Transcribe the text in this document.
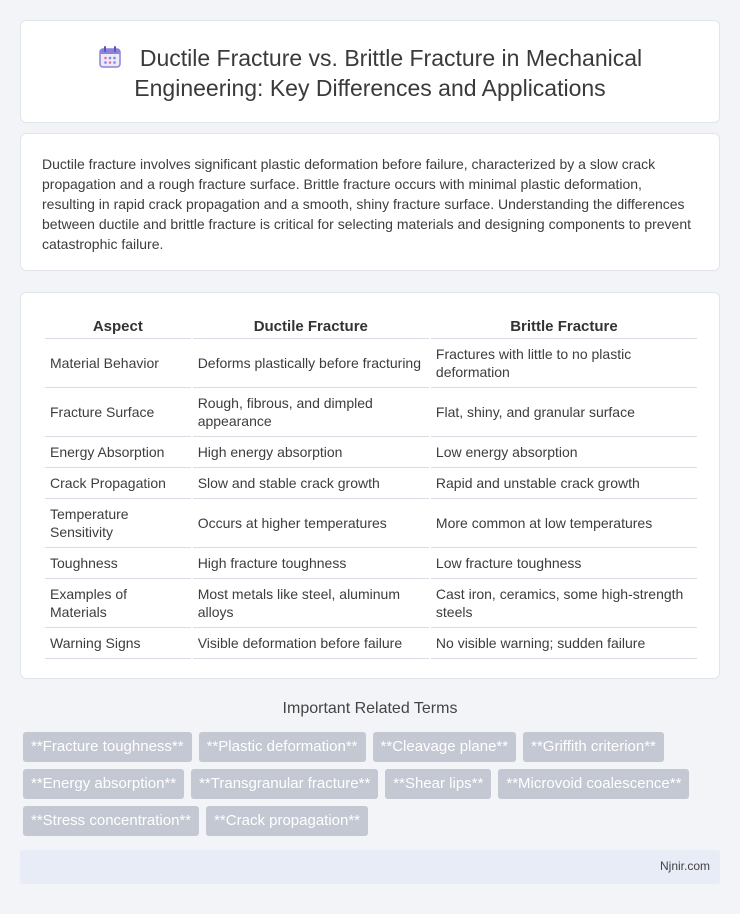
Ductile Fracture vs. Brittle Fracture in Mechanical Engineering: Key Differences and Applications

Ductile fracture involves significant plastic deformation before failure, characterized by a slow crack propagation and a rough fracture surface. Brittle fracture occurs with minimal plastic deformation, resulting in rapid crack propagation and a smooth, shiny fracture surface. Understanding the differences between ductile and brittle fracture is critical for selecting materials and designing components to prevent catastrophic failure.

Aspect	Ductile Fracture	Brittle Fracture
Material Behavior	Deforms plastically before fracturing	Fractures with little to no plastic deformation
Fracture Surface	Rough, fibrous, and dimpled appearance	Flat, shiny, and granular surface
Energy Absorption	High energy absorption	Low energy absorption
Crack Propagation	Slow and stable crack growth	Rapid and unstable crack growth
Temperature Sensitivity	Occurs at higher temperatures	More common at low temperatures
Toughness	High fracture toughness	Low fracture toughness
Examples of Materials	Most metals like steel, aluminum alloys	Cast iron, ceramics, some high-strength steels
Warning Signs	Visible deformation before failure	No visible warning; sudden failure
Important Related Terms
**Fracture toughness**	**Plastic deformation**	**Cleavage plane**	**Griffith criterion**
**Energy absorption**	**Transgranular fracture**	**Shear lips**	**Microvoid coalescence**
**Stress concentration**	**Crack propagation**
Njnir.com
